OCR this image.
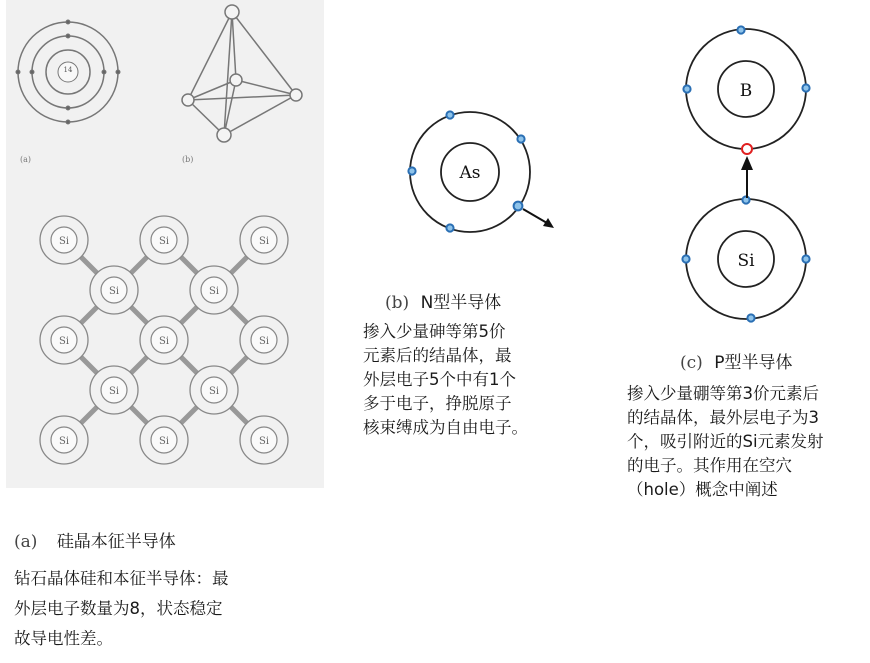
14
(a)	(b)
Si	Si	Si
Si	Si
Si	Si	Si
Si	Si
Si	Si	Si
(a) 硅晶本征半导体
钻石晶体硅和本征半导体：最
外层电子数量为8，状态稳定
故导电性差。
As
(b) N型半导体
掺入少量砷等第5价
元素后的结晶体，最
外层电子5个中有1个
多于电子，挣脱原子
核束缚成为自由电子。
B
Si
(c) P型半导体
掺入少量硼等第3价元素后
的结晶体，最外层电子为3
个，吸引附近的Si元素发射
的电子。其作用在空穴
（hole）概念中阐述
